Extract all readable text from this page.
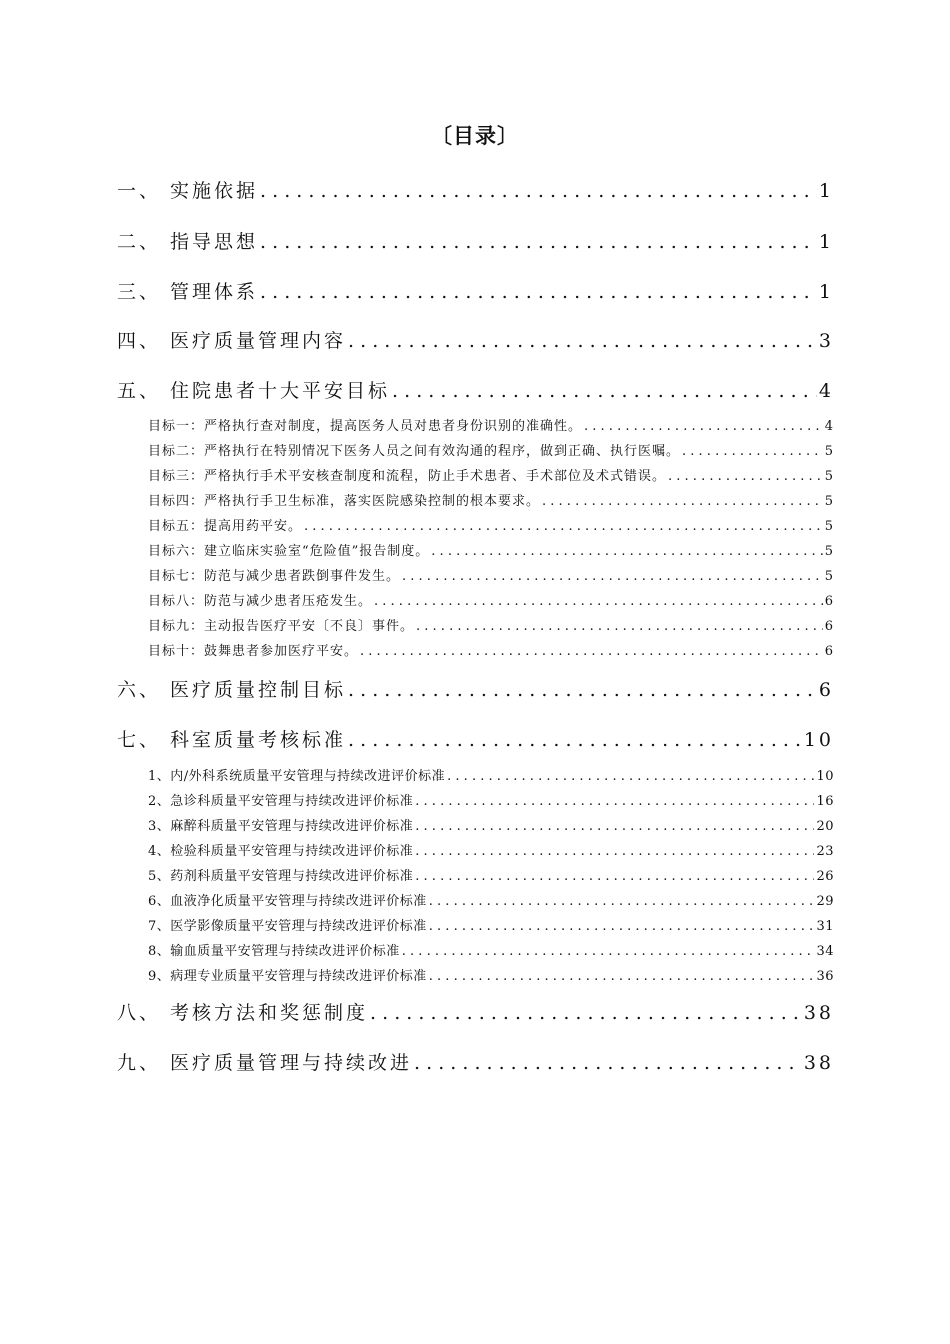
〔目录〕
一、 实施依据 . . .	1
二、 指导思想 . . .	1
三、 管理体系 . . .	1
四、 医疗质量管理内容 . . .	3
五、 住院患者十大平安目标 . . .	4
目标一：严格执行查对制度，提高医务人员对患者身份识别的准确性。 . . .	4
目标二：严格执行在特别情况下医务人员之间有效沟通的程序，做到正确、执行医嘱。 . . .	5
目标三：严格执行手术平安核查制度和流程，防止手术患者、手术部位及术式错误。 . . .	5
目标四：严格执行手卫生标准，落实医院感染控制的根本要求。 . . .	5
目标五：提高用药平安。 . . .	5
目标六：建立临床实验室“危险值”报告制度。 . . .	5
目标七：防范与减少患者跌倒事件发生。 . . .	5
目标八：防范与减少患者压疮发生。 . . .	6
目标九：主动报告医疗平安〔不良〕事件。 . . .	6
目标十：鼓舞患者参加医疗平安。 . . .	6
六、 医疗质量控制目标 . . .	6
七、 科室质量考核标准 . . .	10
1、内/外科系统质量平安管理与持续改进评价标准 . . .	10
2、急诊科质量平安管理与持续改进评价标准 . . .	16
3、麻醉科质量平安管理与持续改进评价标准 . . .	20
4、检验科质量平安管理与持续改进评价标准 . . .	23
5、药剂科质量平安管理与持续改进评价标准 . . .	26
6、血液净化质量平安管理与持续改进评价标准 . . .	29
7、医学影像质量平安管理与持续改进评价标准 . . .	31
8、输血质量平安管理与持续改进评价标准 . . .	34
9、病理专业质量平安管理与持续改进评价标准 . . .	36
八、 考核方法和奖惩制度 . . .	38
九、 医疗质量管理与持续改进 . . .	38
